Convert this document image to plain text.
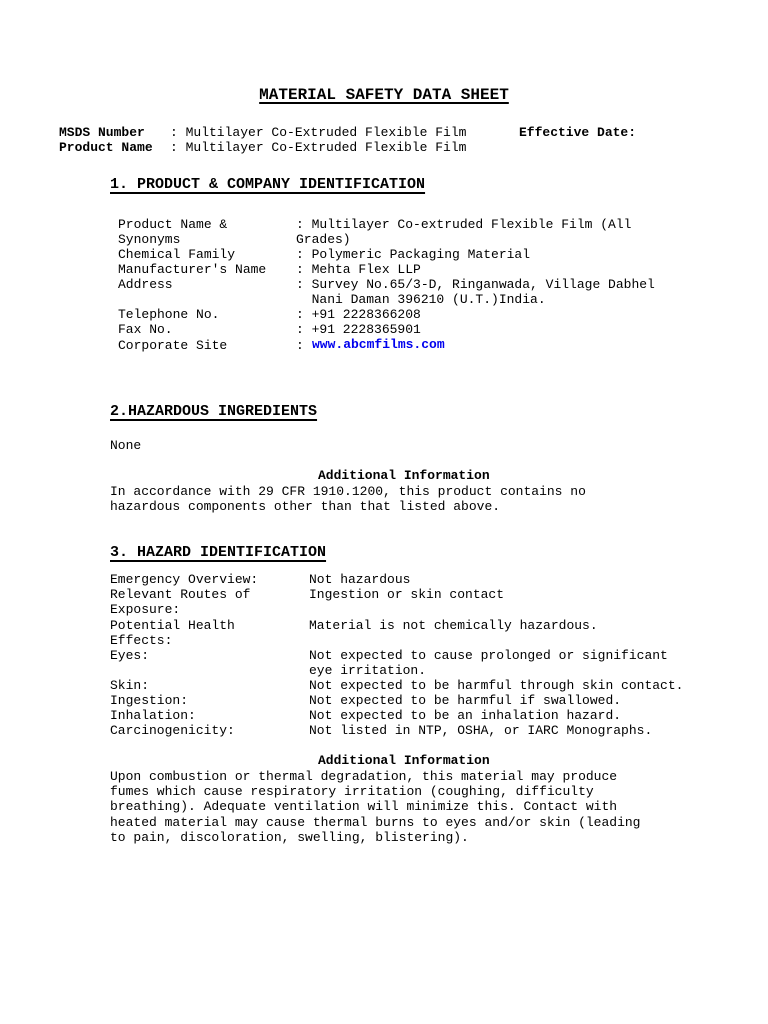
MATERIAL SAFETY DATA SHEET
MSDS Number : Multilayer Co-Extruded Flexible Film	Effective Date:
Product Name : Multilayer Co-Extruded Flexible Film
1. PRODUCT & COMPANY IDENTIFICATION
Product Name &	: Multilayer Co-extruded Flexible Film (All
Synonyms	Grades)
Chemical Family	: Polymeric Packaging Material
Manufacturer's Name : Mehta Flex LLP
Address	: Survey No.65/3-D, Ringanwada, Village Dabhel
Nani Daman 396210 (U.T.)India.
Telephone No.	: +91 2228366208
Fax No.	: +91 2228365901
Corporate Site	: www.abcmfilms.com
2.HAZARDOUS INGREDIENTS
None
Additional Information
In accordance with 29 CFR 1910.1200, this product contains no
hazardous components other than that listed above.
3. HAZARD IDENTIFICATION
Emergency Overview:	Not hazardous
Relevant Routes of	Ingestion or skin contact
Exposure:
Potential Health	Material is not chemically hazardous.
Effects:
Eyes:	Not expected to cause prolonged or significant
eye irritation.
Skin:	Not expected to be harmful through skin contact.
Ingestion:	Not expected to be harmful if swallowed.
Inhalation:	Not expected to be an inhalation hazard.
Carcinogenicity:	Not listed in NTP, OSHA, or IARC Monographs.
Additional Information
Upon combustion or thermal degradation, this material may produce
fumes which cause respiratory irritation (coughing, difficulty
breathing). Adequate ventilation will minimize this. Contact with
heated material may cause thermal burns to eyes and/or skin (leading
to pain, discoloration, swelling, blistering).
